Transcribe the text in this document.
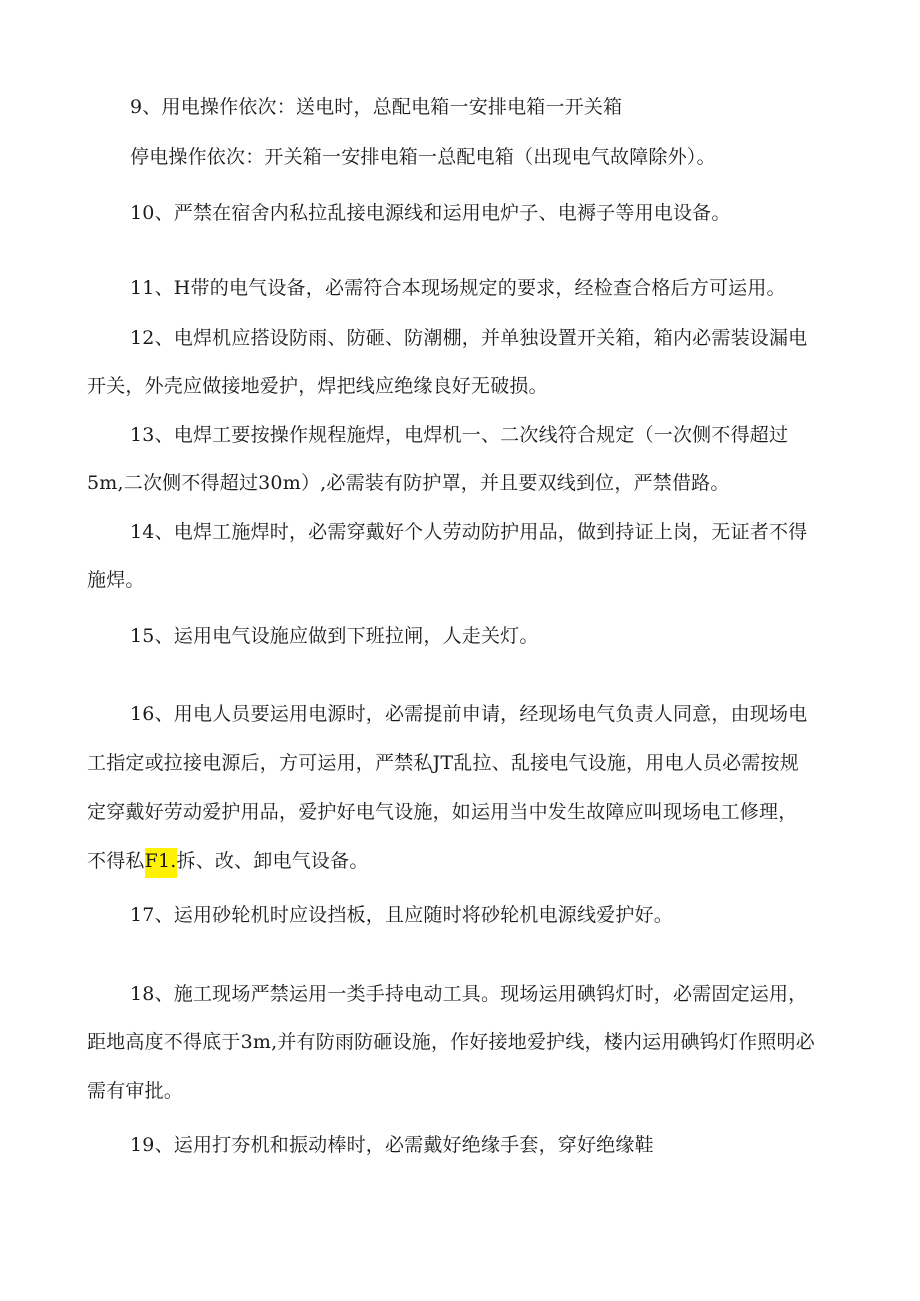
9、用电操作依次：送电时，总配电箱一安排电箱一开关箱
停电操作依次：开关箱一安排电箱一总配电箱（出现电气故障除外）。
10、严禁在宿舍内私拉乱接电源线和运用电炉子、电褥子等用电设备。
11、H带的电气设备，必需符合本现场规定的要求，经检查合格后方可运用。
12、电焊机应搭设防雨、防砸、防潮棚，并单独设置开关箱，箱内必需装设漏电
开关，外壳应做接地爱护，焊把线应绝缘良好无破损。
13、电焊工要按操作规程施焊，电焊机一、二次线符合规定（一次侧不得超过
5m,二次侧不得超过30m）,必需装有防护罩，并且要双线到位，严禁借路。
14、电焊工施焊时，必需穿戴好个人劳动防护用品，做到持证上岗，无证者不得
施焊。
15、运用电气设施应做到下班拉闸，人走关灯。
16、用电人员要运用电源时，必需提前申请，经现场电气负责人同意，由现场电
工指定或拉接电源后，方可运用，严禁私JT乱拉、乱接电气设施，用电人员必需按规
定穿戴好劳动爱护用品，爱护好电气设施，如运用当中发生故障应叫现场电工修理，
不得私F1.拆、改、卸电气设备。
17、运用砂轮机时应设挡板，且应随时将砂轮机电源线爱护好。
18、施工现场严禁运用一类手持电动工具。现场运用碘钨灯时，必需固定运用，
距地高度不得底于3m,并有防雨防砸设施，作好接地爱护线，楼内运用碘钨灯作照明必
需有审批。
19、运用打夯机和振动棒时，必需戴好绝缘手套，穿好绝缘鞋
